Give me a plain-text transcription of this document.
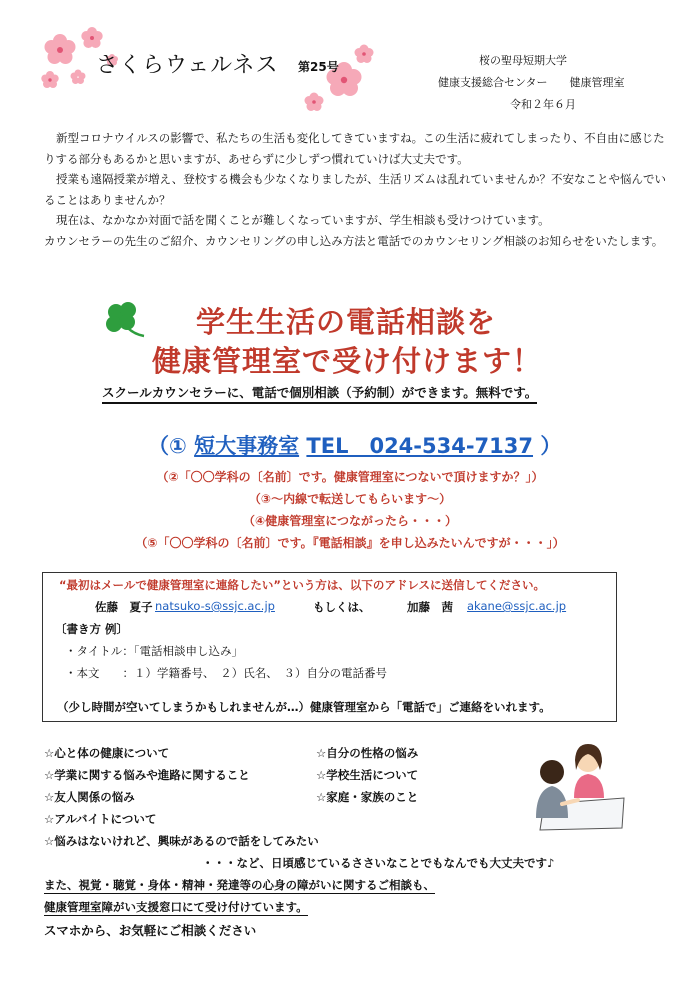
さくらウェルネス 第25号	桜の聖母短期大学
健康支援総合センター　　健康管理室
令和２年６月

新型コロナウイルスの影響で、私たちの生活も変化してきていますね。この生活に疲れてしまったり、不自由に感じたりする部分もあるかと思いますが、あせらずに少しずつ慣れていけば大丈夫です。

授業も遠隔授業が増え、登校する機会も少なくなりましたが、生活リズムは乱れていませんか？不安なことや悩んでいることはありませんか？

現在は、なかなか対面で話を聞くことが難しくなっていますが、学生相談も受けつけています。

カウンセラーの先生のご紹介、カウンセリングの申し込み方法と電話でのカウンセリング相談のお知らせをいたします。

学生生活の電話相談を
健康管理室で受け付けます！
スクールカウンセラーに、電話で個別相談（予約制）ができます。無料です。
（① 短大事務室 TEL　024-534-7137 ）
（②「〇〇学科の〔名前〕です。健康管理室につないで頂けますか？」）
（③～内線で転送してもらいます～）
（④健康管理室につながったら・・・）
（⑤「〇〇学科の〔名前〕です。『電話相談』を申し込みたいんですが・・・」）
“最初はメールで健康管理室に連絡したい”という方は、以下のアドレスに送信してください。
佐藤　夏子 natsuko-s@ssjc.ac.jp	もしくは、	加藤　茜 akane@ssjc.ac.jp
〔書き方 例〕
・タイトル：「電話相談申し込み」
・本文　　：１）学籍番号、　２）氏名、　３）自分の電話番号
（少し時間が空いてしまうかもしれませんが…）健康管理室から「電話で」ご連絡をいれます。
☆心と体の健康について
☆学業に関する悩みや進路に関すること
☆友人関係の悩み
☆アルバイトについて
☆悩みはないけれど、興味があるので話をしてみたい
☆自分の性格の悩み
☆学校生活について
☆家庭・家族のこと
・・・など、日頃感じているささいなことでもなんでも大丈夫です♪
また、視覚・聴覚・身体・精神・発達等の心身の障がいに関するご相談も、
健康管理室障がい支援窓口にて受け付けています。
スマホから、お気軽にご相談ください
